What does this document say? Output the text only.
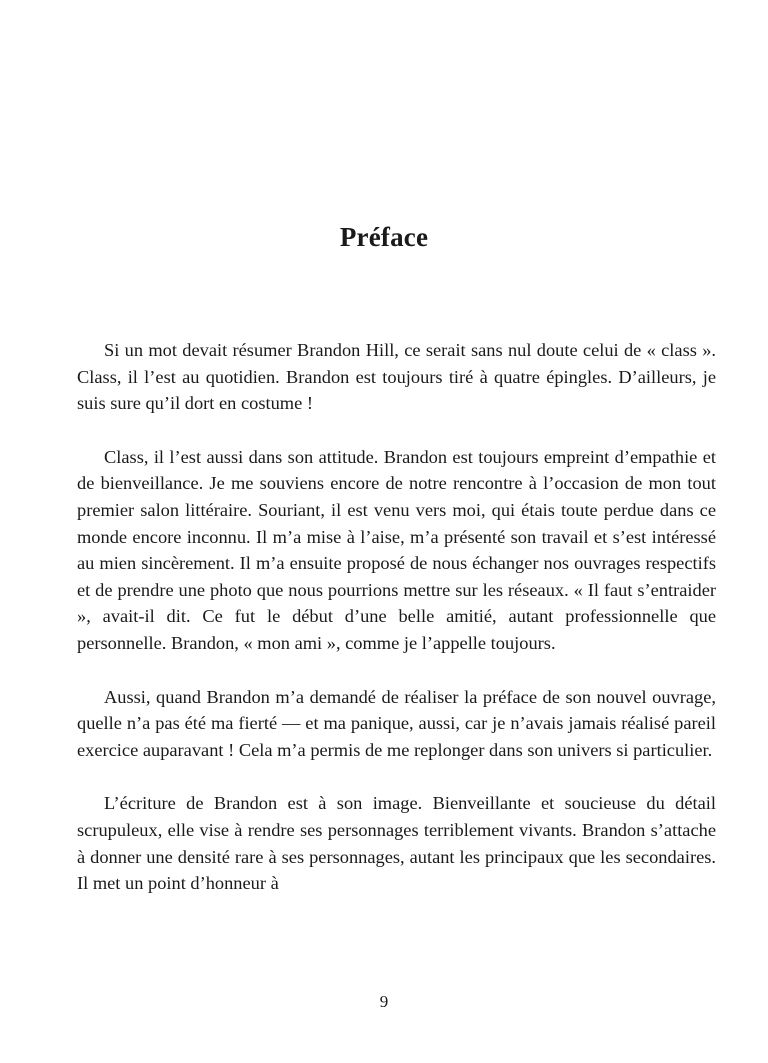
Préface

Si un mot devait résumer Brandon Hill, ce serait sans nul doute celui de « class ». Class, il l’est au quotidien. Brandon est toujours tiré à quatre épingles. D’ailleurs, je suis sure qu’il dort en costume !

Class, il l’est aussi dans son attitude. Brandon est toujours empreint d’empathie et de bienveillance. Je me souviens encore de notre rencontre à l’occasion de mon tout premier salon littéraire. Souriant, il est venu vers moi, qui étais toute perdue dans ce monde encore inconnu. Il m’a mise à l’aise, m’a présenté son travail et s’est intéressé au mien sincèrement. Il m’a ensuite proposé de nous échanger nos ouvrages respectifs et de prendre une photo que nous pourrions mettre sur les réseaux. « Il faut s’entraider », avait-il dit. Ce fut le début d’une belle amitié, autant professionnelle que personnelle. Brandon, « mon ami », comme je l’appelle toujours.

Aussi, quand Brandon m’a demandé de réaliser la préface de son nouvel ouvrage, quelle n’a pas été ma fierté — et ma panique, aussi, car je n’avais jamais réalisé pareil exercice auparavant ! Cela m’a permis de me replonger dans son univers si particulier.

L’écriture de Brandon est à son image. Bienveillante et soucieuse du détail scrupuleux, elle vise à rendre ses personnages terriblement vivants. Brandon s’attache à donner une densité rare à ses personnages, autant les principaux que les secondaires. Il met un point d’honneur à

9
